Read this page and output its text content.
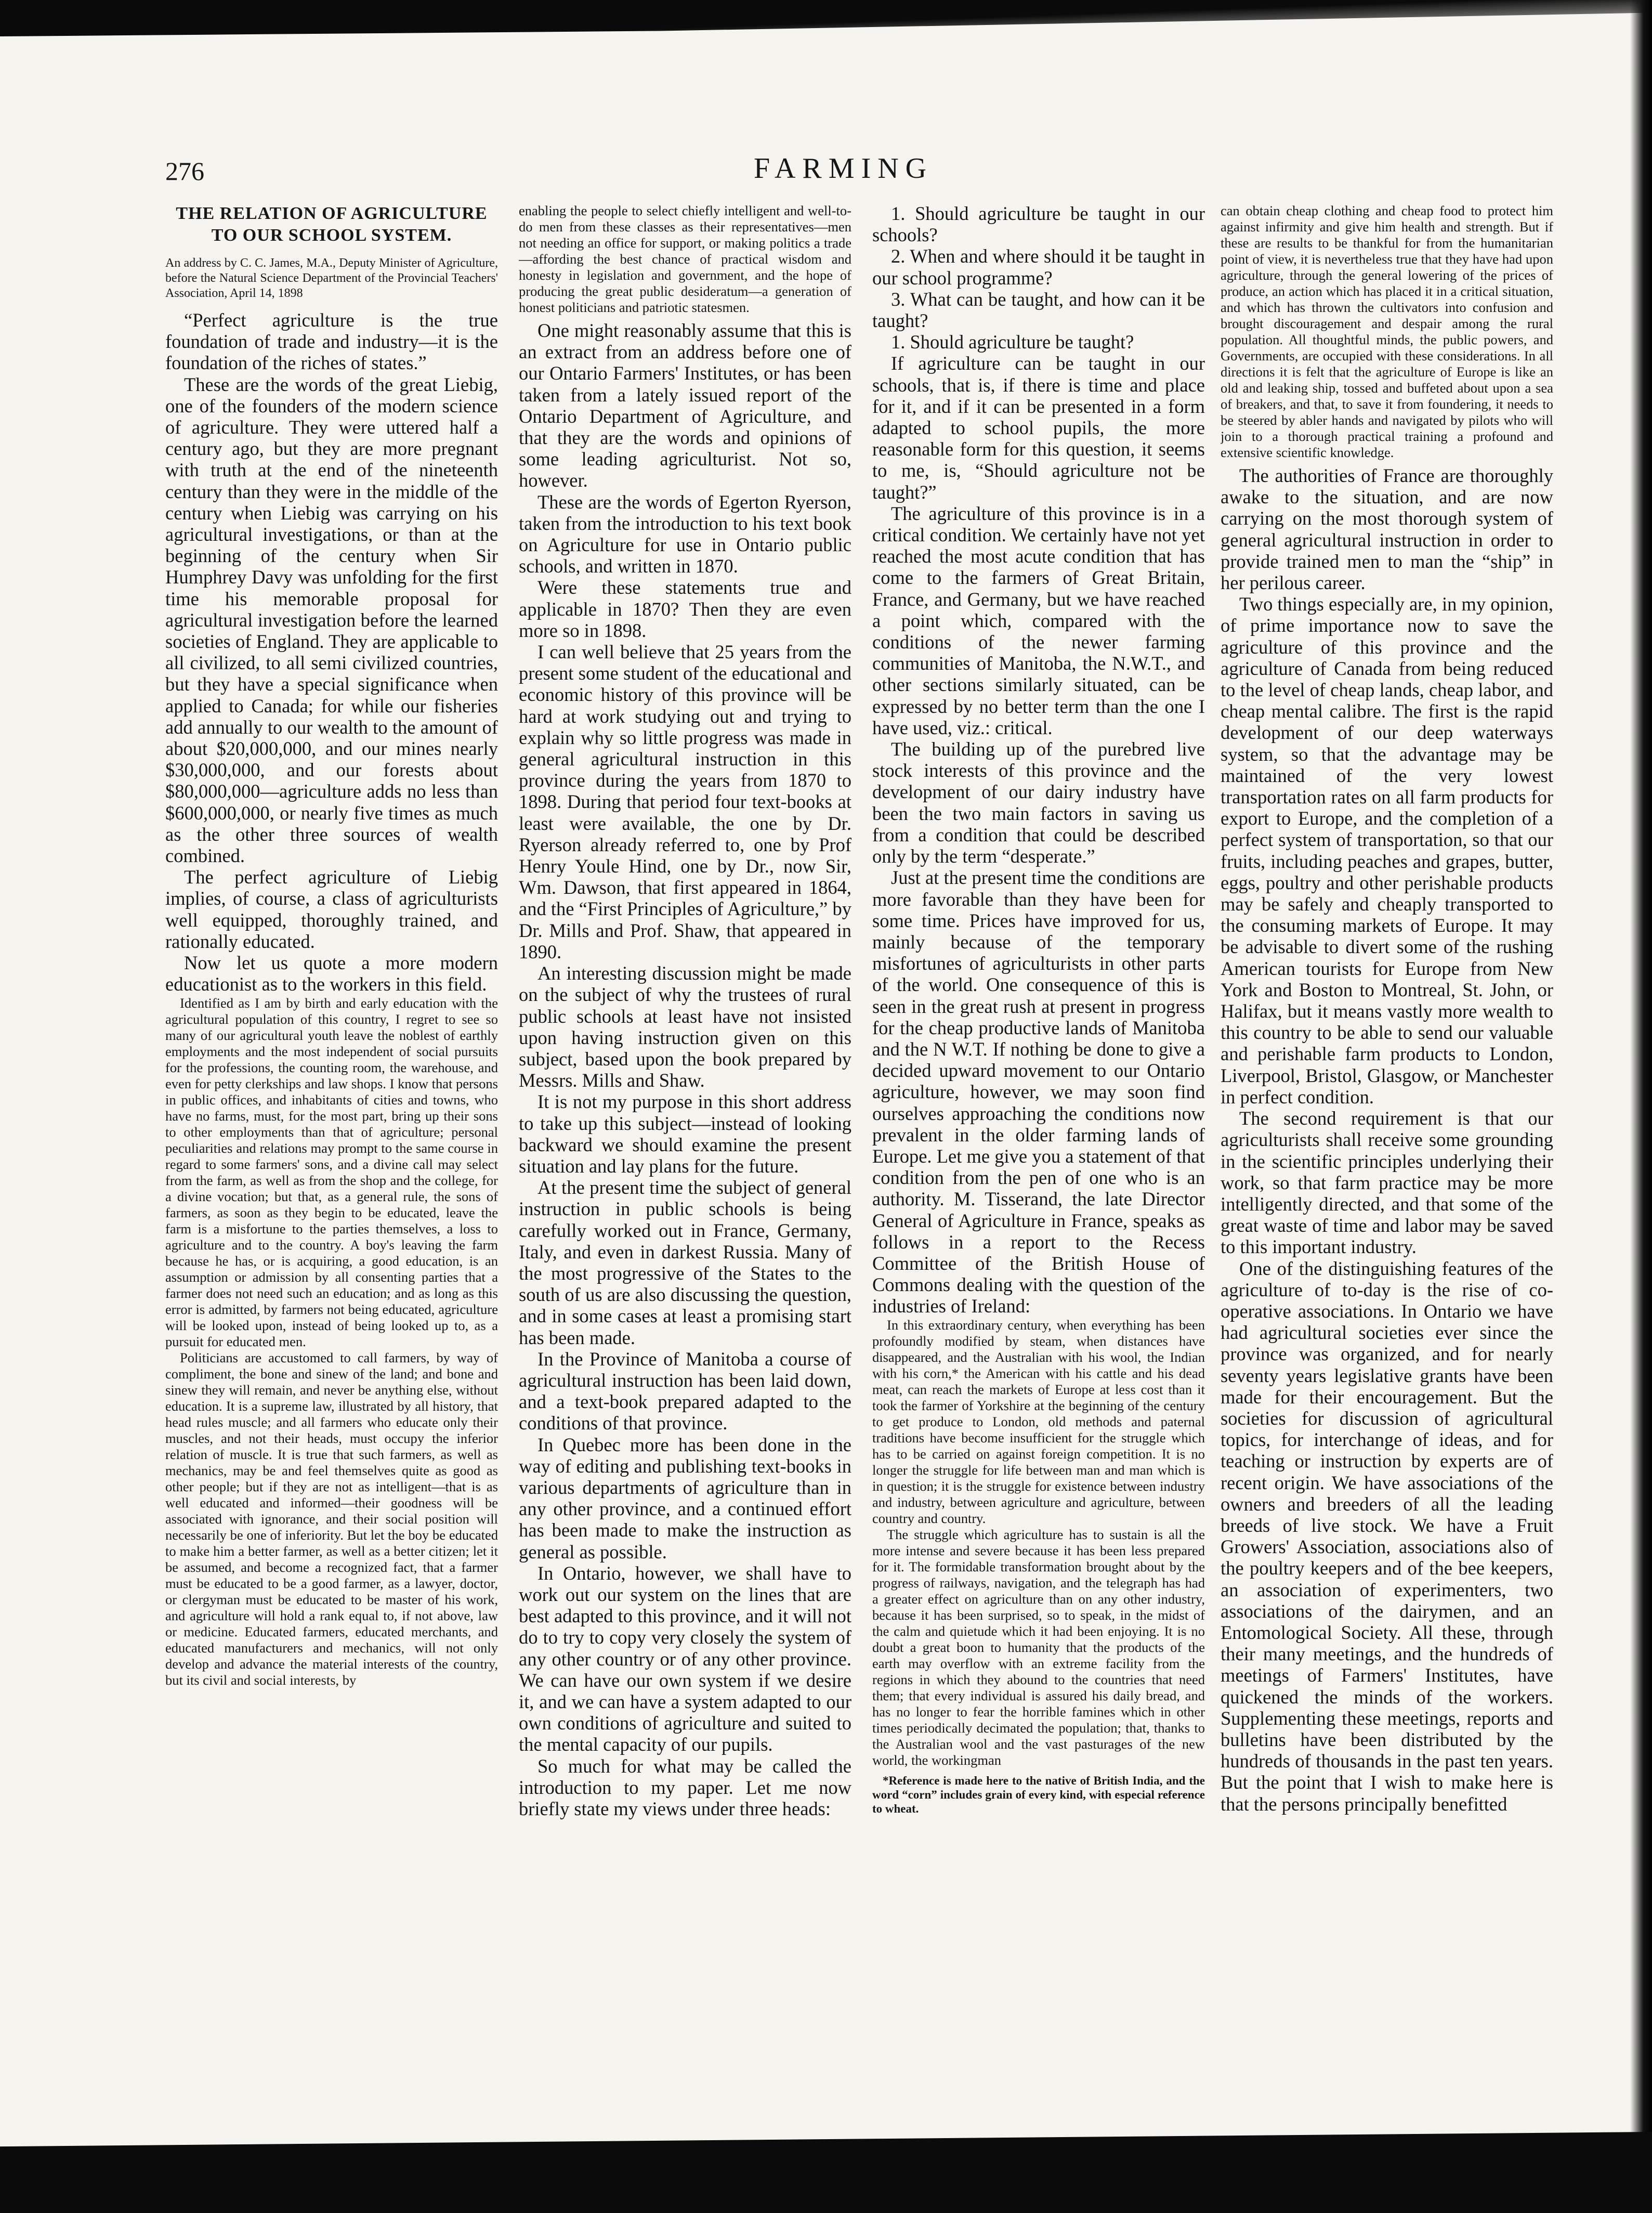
276	FARMING
THE RELATION OF AGRICULTURE TO OUR SCHOOL SYSTEM.
An address by C. C. James, M.A., Deputy Minister of Agriculture, before the Natural Science Department of the Provincial Teachers' Association, April 14, 1898

“Perfect agriculture is the true foundation of trade and industry—it is the foundation of the riches of states.”

These are the words of the great Liebig, one of the founders of the modern science of agriculture. They were uttered half a century ago, but they are more pregnant with truth at the end of the nineteenth century than they were in the middle of the century when Liebig was carrying on his agricultural investigations, or than at the beginning of the century when Sir Humphrey Davy was unfolding for the first time his memorable proposal for agricultural investigation before the learned societies of England. They are applicable to all civilized, to all semi civilized countries, but they have a special significance when applied to Canada; for while our fisheries add annually to our wealth to the amount of about $20,000,000, and our mines nearly $30,000,000, and our forests about $80,000,000—agriculture adds no less than $600,000,000, or nearly five times as much as the other three sources of wealth combined.

The perfect agriculture of Liebig implies, of course, a class of agriculturists well equipped, thoroughly trained, and rationally educated.

Now let us quote a more modern educationist as to the workers in this field.

Identified as I am by birth and early education with the agricultural population of this country, I regret to see so many of our agricultural youth leave the noblest of earthly employments and the most independent of social pursuits for the professions, the counting room, the warehouse, and even for petty clerkships and law shops. I know that persons in public offices, and inhabitants of cities and towns, who have no farms, must, for the most part, bring up their sons to other employments than that of agriculture; personal peculiarities and relations may prompt to the same course in regard to some farmers' sons, and a divine call may select from the farm, as well as from the shop and the college, for a divine vocation; but that, as a general rule, the sons of farmers, as soon as they begin to be educated, leave the farm is a misfortune to the parties themselves, a loss to agriculture and to the country. A boy's leaving the farm because he has, or is acquiring, a good education, is an assumption or admission by all consenting parties that a farmer does not need such an education; and as long as this error is admitted, by farmers not being educated, agriculture will be looked upon, instead of being looked up to, as a pursuit for educated men.

Politicians are accustomed to call farmers, by way of compliment, the bone and sinew of the land; and bone and sinew they will remain, and never be anything else, without education. It is a supreme law, illustrated by all history, that head rules muscle; and all farmers who educate only their muscles, and not their heads, must occupy the inferior relation of muscle. It is true that such farmers, as well as mechanics, may be and feel themselves quite as good as other people; but if they are not as intelligent—that is as well educated and informed—their goodness will be associated with ignorance, and their social position will necessarily be one of inferiority. But let the boy be educated to make him a better farmer, as well as a better citizen; let it be assumed, and become a recognized fact, that a farmer must be educated to be a good farmer, as a lawyer, doctor, or clergyman must be educated to be master of his work, and agriculture will hold a rank equal to, if not above, law or medicine. Educated farmers, educated merchants, and educated manufacturers and mechanics, will not only develop and advance the material interests of the country, but its civil and social interests, by

enabling the people to select chiefly intelligent and well-to-do men from these classes as their representatives—men not needing an office for support, or making politics a trade—affording the best chance of practical wisdom and honesty in legislation and government, and the hope of producing the great public desideratum—a generation of honest politicians and patriotic statesmen.

One might reasonably assume that this is an extract from an address before one of our Ontario Farmers' Institutes, or has been taken from a lately issued report of the Ontario Department of Agriculture, and that they are the words and opinions of some leading agriculturist. Not so, however.

These are the words of Egerton Ryerson, taken from the introduction to his text book on Agriculture for use in Ontario public schools, and written in 1870.

Were these statements true and applicable in 1870? Then they are even more so in 1898.

I can well believe that 25 years from the present some student of the educational and economic history of this province will be hard at work studying out and trying to explain why so little progress was made in general agricultural instruction in this province during the years from 1870 to 1898. During that period four text-books at least were available, the one by Dr. Ryerson already referred to, one by Prof Henry Youle Hind, one by Dr., now Sir, Wm. Dawson, that first appeared in 1864, and the “First Principles of Agriculture,” by Dr. Mills and Prof. Shaw, that appeared in 1890.

An interesting discussion might be made on the subject of why the trustees of rural public schools at least have not insisted upon having instruction given on this subject, based upon the book prepared by Messrs. Mills and Shaw.

It is not my purpose in this short address to take up this subject—instead of looking backward we should examine the present situation and lay plans for the future.

At the present time the subject of general instruction in public schools is being carefully worked out in France, Germany, Italy, and even in darkest Russia. Many of the most progressive of the States to the south of us are also discussing the question, and in some cases at least a promising start has been made.

In the Province of Manitoba a course of agricultural instruction has been laid down, and a text-book prepared adapted to the conditions of that province.

In Quebec more has been done in the way of editing and publishing text-books in various departments of agriculture than in any other province, and a continued effort has been made to make the instruction as general as possible.

In Ontario, however, we shall have to work out our system on the lines that are best adapted to this province, and it will not do to try to copy very closely the system of any other country or of any other province. We can have our own system if we desire it, and we can have a system adapted to our own conditions of agriculture and suited to the mental capacity of our pupils.

So much for what may be called the introduction to my paper. Let me now briefly state my views under three heads:

1. Should agriculture be taught in our schools?

2. When and where should it be taught in our school programme?

3. What can be taught, and how can it be taught?

1. Should agriculture be taught?

If agriculture can be taught in our schools, that is, if there is time and place for it, and if it can be presented in a form adapted to school pupils, the more reasonable form for this question, it seems to me, is, “Should agriculture not be taught?”

The agriculture of this province is in a critical condition. We certainly have not yet reached the most acute condition that has come to the farmers of Great Britain, France, and Germany, but we have reached a point which, compared with the conditions of the newer farming communities of Manitoba, the N.W.T., and other sections similarly situated, can be expressed by no better term than the one I have used, viz.: critical.

The building up of the purebred live stock interests of this province and the development of our dairy industry have been the two main factors in saving us from a condition that could be described only by the term “desperate.”

Just at the present time the conditions are more favorable than they have been for some time. Prices have improved for us, mainly because of the temporary misfortunes of agriculturists in other parts of the world. One consequence of this is seen in the great rush at present in progress for the cheap productive lands of Manitoba and the N W.T. If nothing be done to give a decided upward movement to our Ontario agriculture, however, we may soon find ourselves approaching the conditions now prevalent in the older farming lands of Europe. Let me give you a statement of that condition from the pen of one who is an authority. M. Tisserand, the late Director General of Agriculture in France, speaks as follows in a report to the Recess Committee of the British House of Commons dealing with the question of the industries of Ireland:

In this extraordinary century, when everything has been profoundly modified by steam, when distances have disappeared, and the Australian with his wool, the Indian with his corn,* the American with his cattle and his dead meat, can reach the markets of Europe at less cost than it took the farmer of Yorkshire at the beginning of the century to get produce to London, old methods and paternal traditions have become insufficient for the struggle which has to be carried on against foreign competition. It is no longer the struggle for life between man and man which is in question; it is the struggle for existence between industry and industry, between agriculture and agriculture, between country and country.

The struggle which agriculture has to sustain is all the more intense and severe because it has been less prepared for it. The formidable transformation brought about by the progress of railways, navigation, and the telegraph has had a greater effect on agriculture than on any other industry, because it has been surprised, so to speak, in the midst of the calm and quietude which it had been enjoying. It is no doubt a great boon to humanity that the products of the earth may overflow with an extreme facility from the regions in which they abound to the countries that need them; that every individual is assured his daily bread, and has no longer to fear the horrible famines which in other times periodically decimated the population; that, thanks to the Australian wool and the vast pasturages of the new world, the workingman

*Reference is made here to the native of British India, and the word “corn” includes grain of every kind, with especial reference to wheat.

can obtain cheap clothing and cheap food to protect him against infirmity and give him health and strength. But if these are results to be thankful for from the humanitarian point of view, it is nevertheless true that they have had upon agriculture, through the general lowering of the prices of produce, an action which has placed it in a critical situation, and which has thrown the cultivators into confusion and brought discouragement and despair among the rural population. All thoughtful minds, the public powers, and Governments, are occupied with these considerations. In all directions it is felt that the agriculture of Europe is like an old and leaking ship, tossed and buffeted about upon a sea of breakers, and that, to save it from foundering, it needs to be steered by abler hands and navigated by pilots who will join to a thorough practical training a profound and extensive scientific knowledge.

The authorities of France are thoroughly awake to the situation, and are now carrying on the most thorough system of general agricultural instruction in order to provide trained men to man the “ship” in her perilous career.

Two things especially are, in my opinion, of prime importance now to save the agriculture of this province and the agriculture of Canada from being reduced to the level of cheap lands, cheap labor, and cheap mental calibre. The first is the rapid development of our deep waterways system, so that the advantage may be maintained of the very lowest transportation rates on all farm products for export to Europe, and the completion of a perfect system of transportation, so that our fruits, including peaches and grapes, butter, eggs, poultry and other perishable products may be safely and cheaply transported to the consuming markets of Europe. It may be advisable to divert some of the rushing American tourists for Europe from New York and Boston to Montreal, St. John, or Halifax, but it means vastly more wealth to this country to be able to send our valuable and perishable farm products to London, Liverpool, Bristol, Glasgow, or Manchester in perfect condition.

The second requirement is that our agriculturists shall receive some grounding in the scientific principles underlying their work, so that farm practice may be more intelligently directed, and that some of the great waste of time and labor may be saved to this important industry.

One of the distinguishing features of the agriculture of to-day is the rise of co-operative associations. In Ontario we have had agricultural societies ever since the province was organized, and for nearly seventy years legislative grants have been made for their encouragement. But the societies for discussion of agricultural topics, for interchange of ideas, and for teaching or instruction by experts are of recent origin. We have associations of the owners and breeders of all the leading breeds of live stock. We have a Fruit Growers' Association, associations also of the poultry keepers and of the bee keepers, an association of experimenters, two associations of the dairymen, and an Entomological Society. All these, through their many meetings, and the hundreds of meetings of Farmers' Institutes, have quickened the minds of the workers. Supplementing these meetings, reports and bulletins have been distributed by the hundreds of thousands in the past ten years. But the point that I wish to make here is that the persons principally benefitted
